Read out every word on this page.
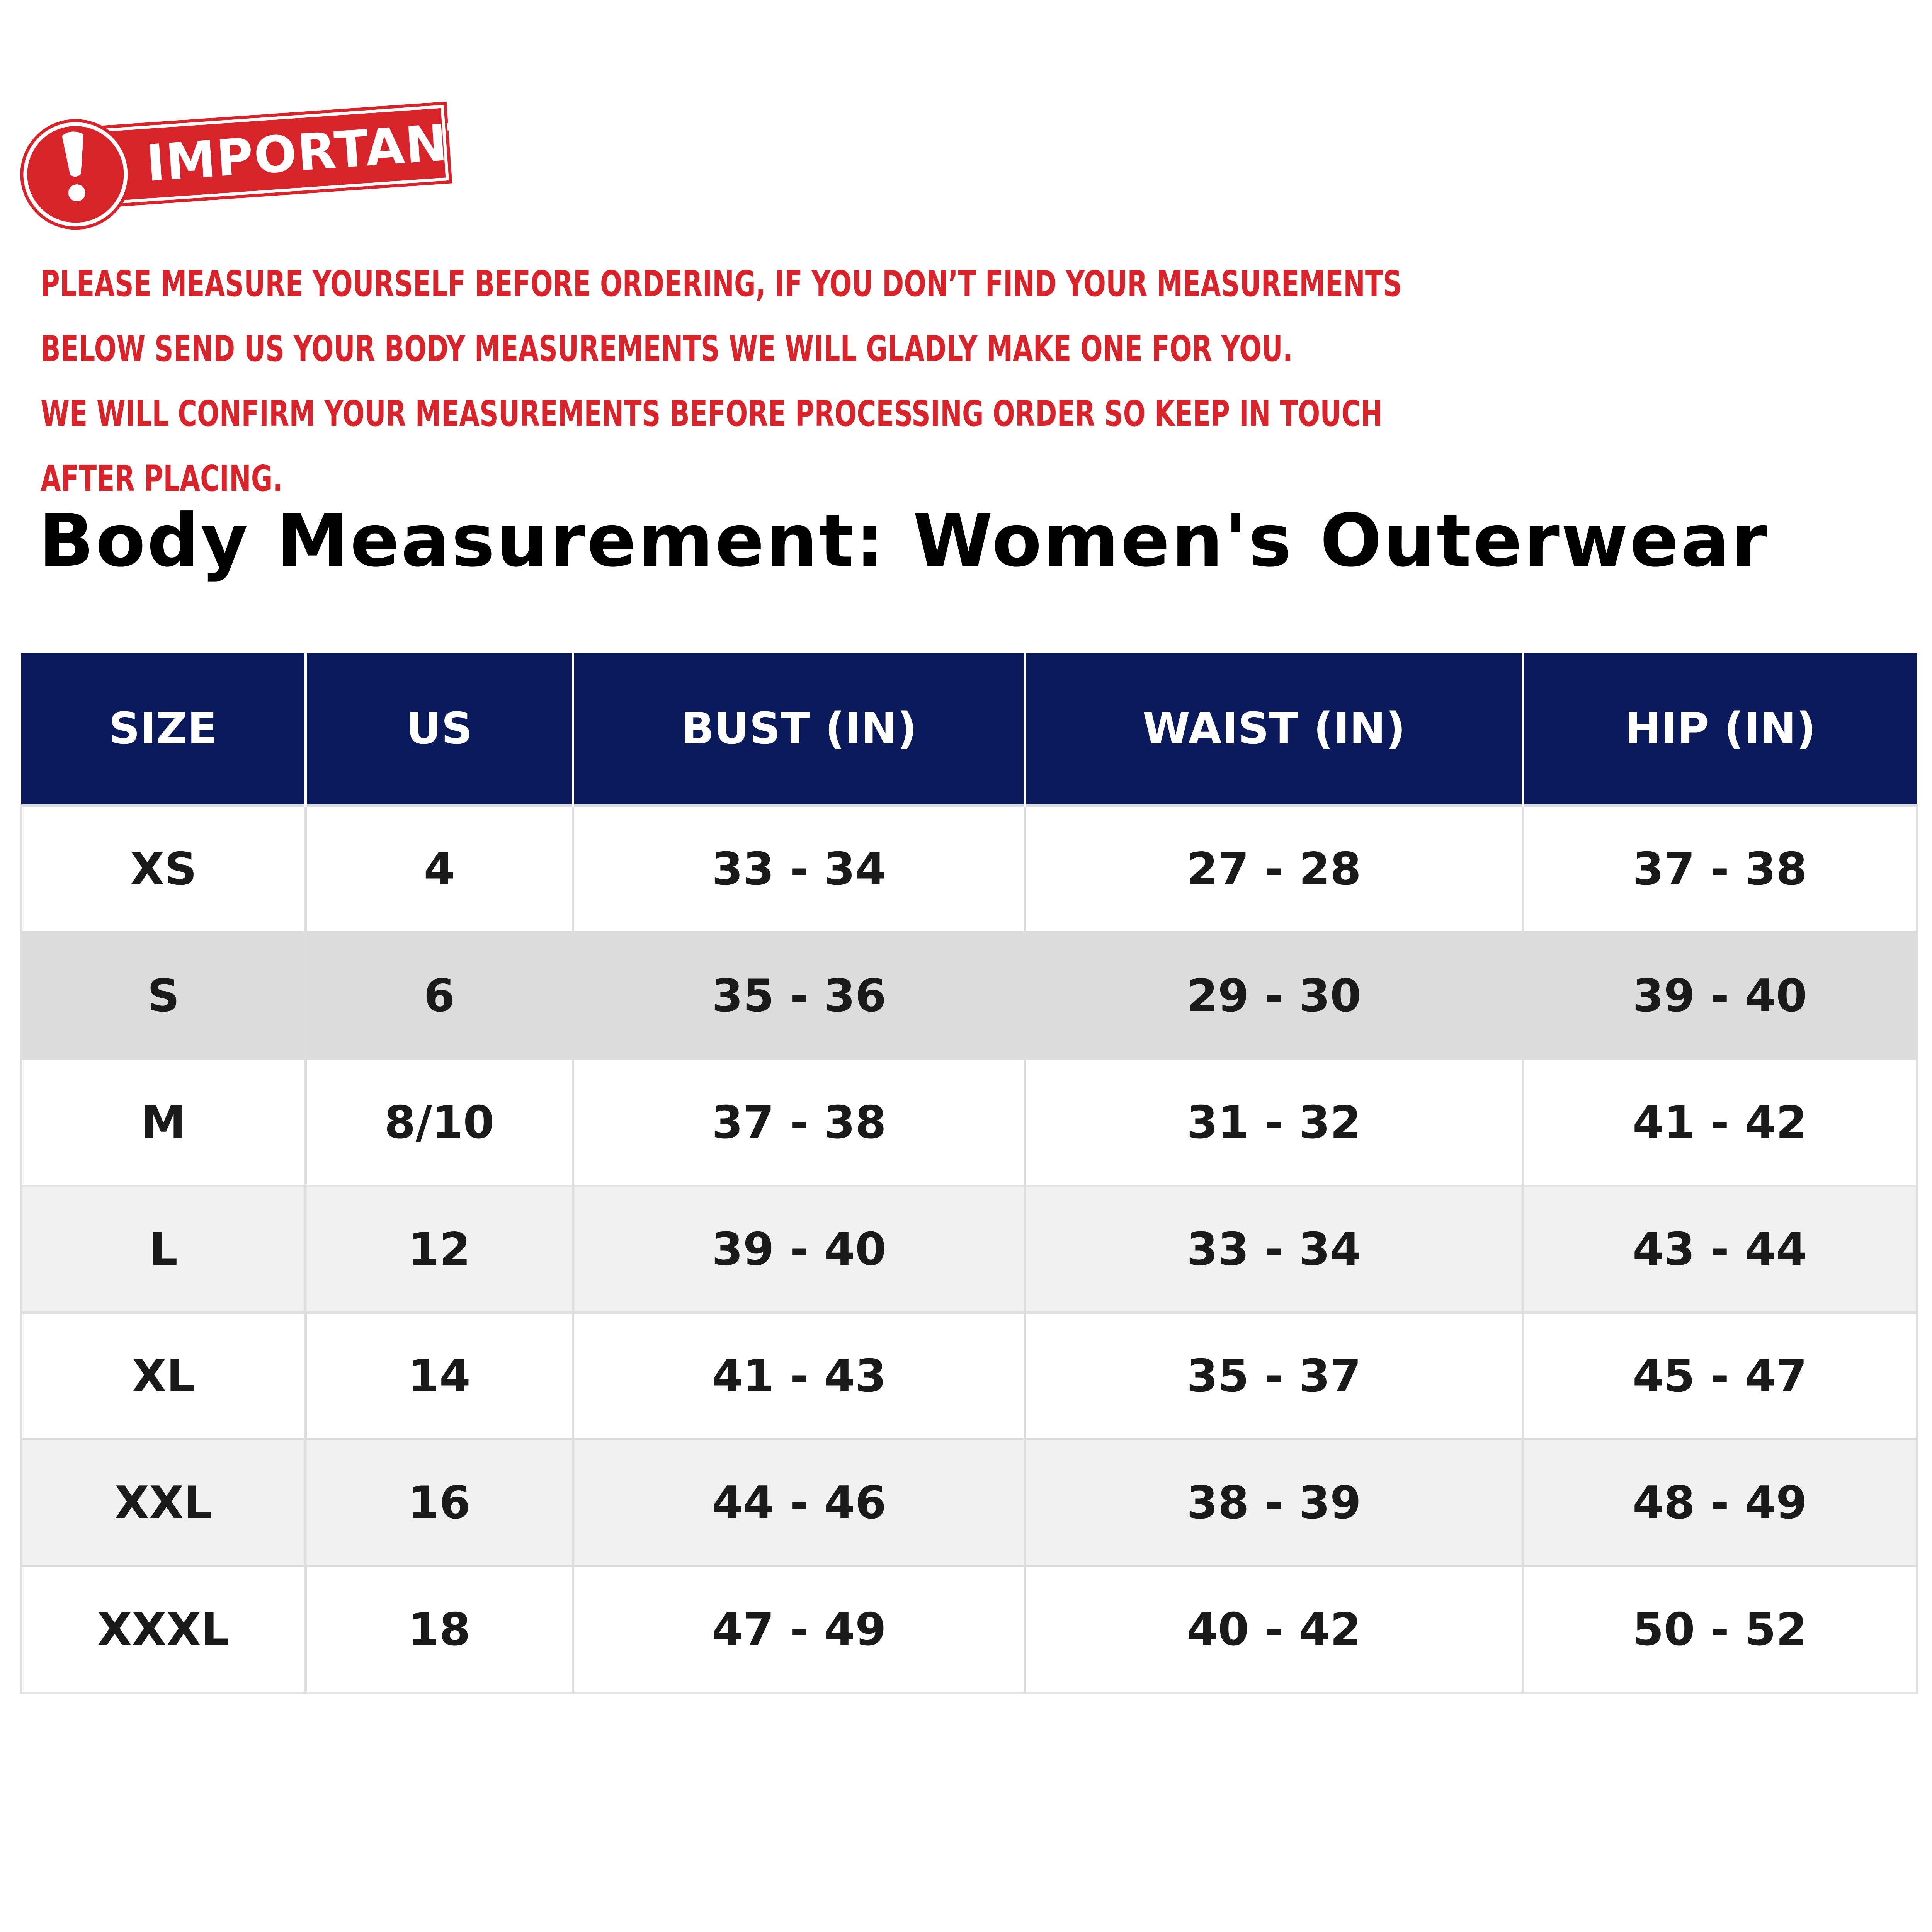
IMPORTANT
PLEASE MEASURE YOURSELF BEFORE ORDERING, IF YOU DON’T FIND YOUR MEASUREMENTS
BELOW SEND US YOUR BODY MEASUREMENTS WE WILL GLADLY MAKE ONE FOR YOU.
WE WILL CONFIRM YOUR MEASUREMENTS BEFORE PROCESSING ORDER SO KEEP IN TOUCH
AFTER PLACING.
Body Measurement: Women's Outerwear
SIZE	US	BUST (IN)	WAIST (IN)	HIP (IN)
XS	4	33 - 34	27 - 28	37 - 38
S	6	35 - 36	29 - 30	39 - 40
M	8/10	37 - 38	31 - 32	41 - 42
L	12	39 - 40	33 - 34	43 - 44
XL	14	41 - 43	35 - 37	45 - 47
XXL	16	44 - 46	38 - 39	48 - 49
XXXL	18	47 - 49	40 - 42	50 - 52
